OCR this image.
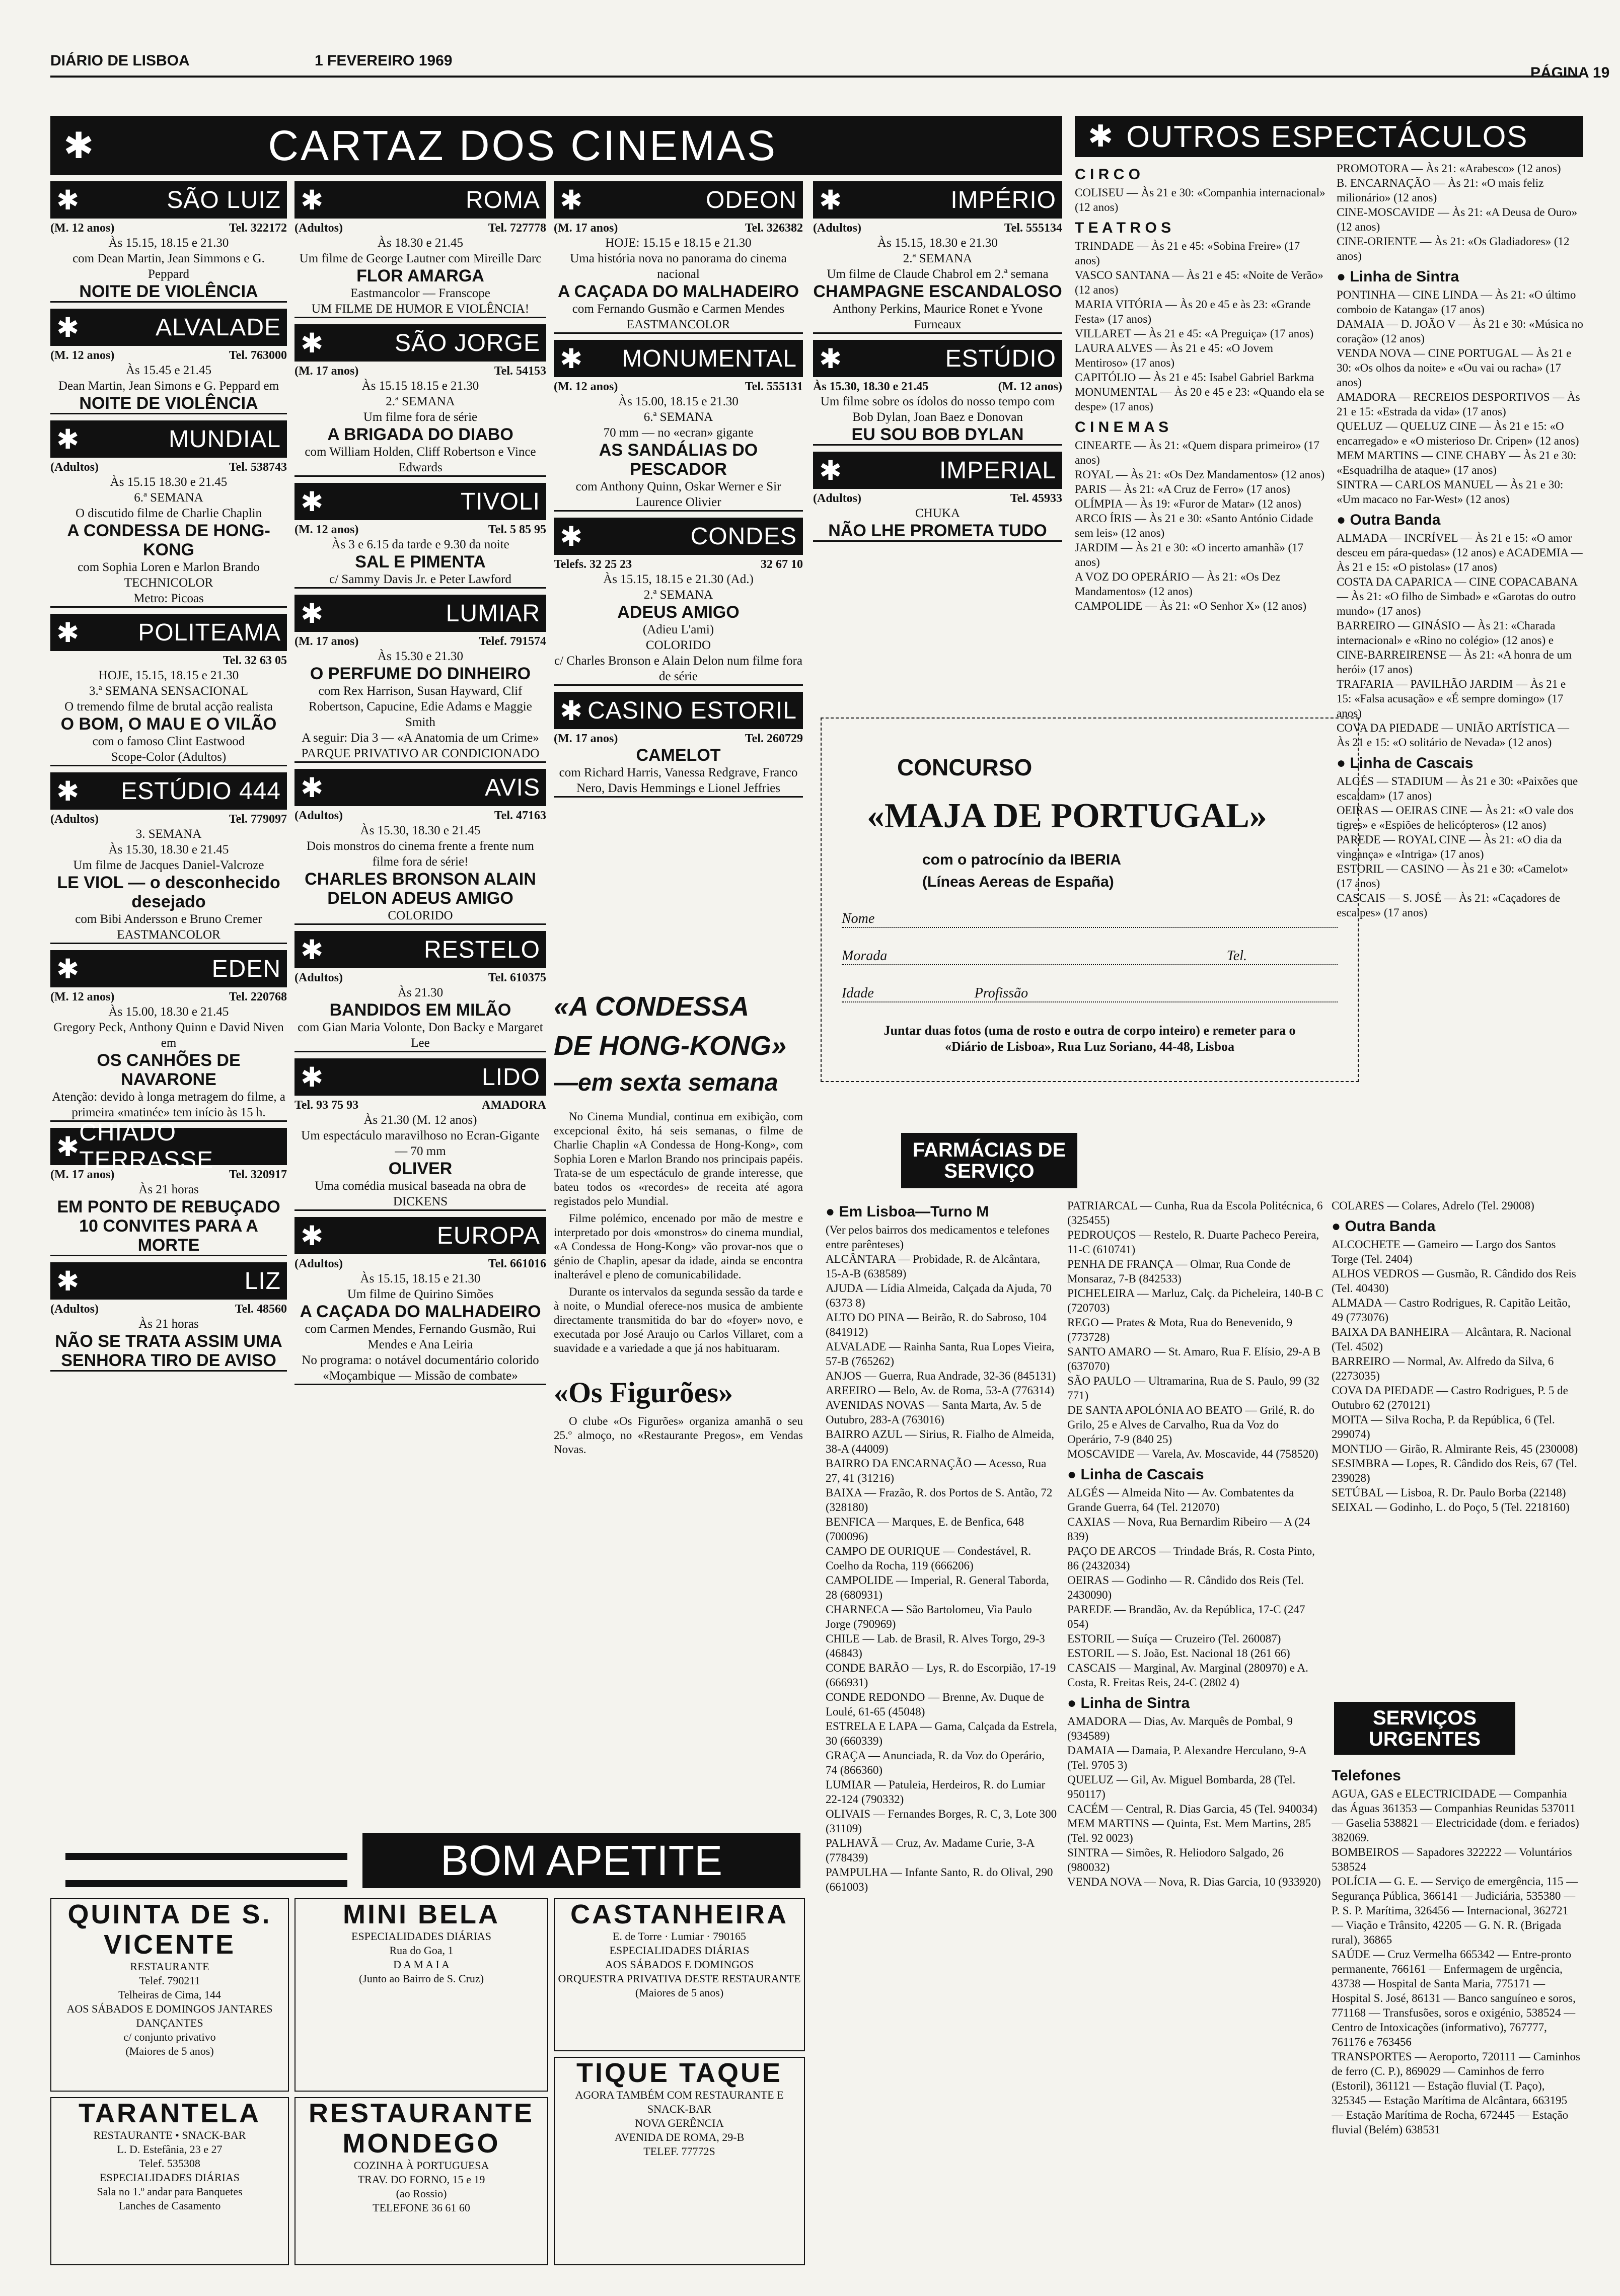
DIÁRIO DE LISBOA	1 FEVEREIRO 1969
PÁGINA 19
✱	CARTAZ DOS CINEMAS	✱ OUTROS ESPECTÁCULOS
✱	SÃO LUIZ
(M. 12 anos)	Tel. 322172
Às 15.15, 18.15 e 21.30
com Dean Martin, Jean Simmons e G. Peppard
NOITE DE VIOLÊNCIA
✱	ALVALADE
(M. 12 anos)	Tel. 763000
Às 15.45 e 21.45
Dean Martin, Jean Simons e G. Peppard em
NOITE DE VIOLÊNCIA
✱	MUNDIAL
(Adultos)	Tel. 538743
Às 15.15 18.30 e 21.45
6.ª SEMANA
O discutido filme de Charlie Chaplin
A CONDESSA DE HONG-KONG
com Sophia Loren e Marlon Brando
TECHNICOLOR
Metro: Picoas
✱ POLITEAMA
Tel. 32 63 05
HOJE, 15.15, 18.15 e 21.30
3.ª SEMANA SENSACIONAL
O tremendo filme de brutal acção realista
O BOM, O MAU E O VILÃO
com o famoso Clint Eastwood
Scope-Color (Adultos)
✱ ESTÚDIO 444
(Adultos)	Tel. 779097
3. SEMANA
Às 15.30, 18.30 e 21.45
Um filme de Jacques Daniel-Valcroze
LE VIOL — o desconhecido desejado
com Bibi Andersson e Bruno Cremer
EASTMANCOLOR
✱	EDEN
(M. 12 anos)	Tel. 220768
Às 15.00, 18.30 e 21.45
Gregory Peck, Anthony Quinn e David Niven em
OS CANHÕES DE NAVARONE
Atenção: devido à longa metragem do filme, a primeira «matinée» tem início às 15 h.
✱ CHIADO TERRASSE
(M. 17 anos)	Tel. 320917
Às 21 horas
EM PONTO DE REBUÇADO 10 CONVITES PARA A MORTE
✱	LIZ
(Adultos)	Tel. 48560
Às 21 horas
NÃO SE TRATA ASSIM UMA SENHORA TIRO DE AVISO
✱	ROMA
(Adultos)	Tel. 727778
Às 18.30 e 21.45
Um filme de George Lautner com Mireille Darc
FLOR AMARGA
Eastmancolor — Franscope
UM FILME DE HUMOR E VIOLÊNCIA!
✱	SÃO JORGE
(M. 17 anos)	Tel. 54153
Às 15.15 18.15 e 21.30
2.ª SEMANA
Um filme fora de série
A BRIGADA DO DIABO
com William Holden, Cliff Robertson e Vince Edwards
✱	TIVOLI
(M. 12 anos)	Tel. 5 85 95
Às 3 e 6.15 da tarde e 9.30 da noite
SAL E PIMENTA
c/ Sammy Davis Jr. e Peter Lawford
✱	LUMIAR
(M. 17 anos)	Telef. 791574
Às 15.30 e 21.30
O PERFUME DO DINHEIRO
com Rex Harrison, Susan Hayward, Clif Robertson, Capucine, Edie Adams e Maggie Smith
A seguir: Dia 3 — «A Anatomia de um Crime»
PARQUE PRIVATIVO AR CONDICIONADO
✱	AVIS
(Adultos)	Tel. 47163
Às 15.30, 18.30 e 21.45
Dois monstros do cinema frente a frente num filme fora de série!
CHARLES BRONSON ALAIN DELON ADEUS AMIGO
COLORIDO
✱	RESTELO
(Adultos)	Tel. 610375
Às 21.30
BANDIDOS EM MILÃO
com Gian Maria Volonte, Don Backy e Margaret Lee
✱	LIDO
Tel. 93 75 93	AMADORA
Às 21.30 (M. 12 anos)
Um espectáculo maravilhoso no Ecran-Gigante — 70 mm
OLIVER
Uma comédia musical baseada na obra de DICKENS
✱	EUROPA
(Adultos)	Tel. 661016
Às 15.15, 18.15 e 21.30
Um filme de Quirino Simões
A CAÇADA DO MALHADEIRO
com Carmen Mendes, Fernando Gusmão, Rui Mendes e Ana Leiria
No programa: o notável documentário colorido «Moçambique — Missão de combate»
✱	ODEON
(M. 17 anos)	Tel. 326382
HOJE: 15.15 e 18.15 e 21.30
Uma história nova no panorama do cinema nacional
A CAÇADA DO MALHADEIRO
com Fernando Gusmão e Carmen Mendes
EASTMANCOLOR
✱ MONUMENTAL
(M. 12 anos)	Tel. 555131
Às 15.00, 18.15 e 21.30
6.ª SEMANA
70 mm — no «ecran» gigante
AS SANDÁLIAS DO PESCADOR
com Anthony Quinn, Oskar Werner e Sir Laurence Olivier
✱	CONDES
Telefs. 32 25 23	32 67 10
Às 15.15, 18.15 e 21.30 (Ad.)
2.ª SEMANA
ADEUS AMIGO
(Adieu L'ami)
COLORIDO
c/ Charles Bronson e Alain Delon num filme fora de série
✱ CASINO ESTORIL
(M. 17 anos)	Tel. 260729
CAMELOT
com Richard Harris, Vanessa Redgrave, Franco Nero, Davis Hemmings e Lionel Jeffries
✱	IMPÉRIO
(Adultos)	Tel. 555134
Às 15.15, 18.30 e 21.30
2.ª SEMANA
Um filme de Claude Chabrol em 2.ª semana
CHAMPAGNE ESCANDALOSO
Anthony Perkins, Maurice Ronet e Yvone Furneaux
✱	ESTÚDIO
Às 15.30, 18.30 e 21.45	(M. 12 anos)
Um filme sobre os ídolos do nosso tempo com Bob Dylan, Joan Baez e Donovan
EU SOU BOB DYLAN
✱	IMPERIAL
(Adultos)	Tel. 45933
CHUKA
NÃO LHE PROMETA TUDO
«A CONDESSA
DE HONG-KONG»
—em sexta semana

No Cinema Mundial, continua em exibição, com excepcional êxito, há seis semanas, o filme de Charlie Chaplin «A Condessa de Hong-Kong», com Sophia Loren e Marlon Brando nos principais papéis. Trata-se de um espectáculo de grande interesse, que bateu todos os «recordes» de receita até agora registados pelo Mundial.

Filme polémico, encenado por mão de mestre e interpretado por dois «monstros» do cinema mundial, «A Condessa de Hong-Kong» vão provar-nos que o génio de Chaplin, apesar da idade, ainda se encontra inalterável e pleno de comunicabilidade.

Durante os intervalos da segunda sessão da tarde e à noite, o Mundial oferece-nos musica de ambiente directamente transmitida do bar do «foyer» novo, e executada por José Araujo ou Carlos Villaret, com a suavidade e a variedade a que já nos habituaram.

«Os Figurões»

O clube «Os Figurões» organiza amanhã o seu 25.º almoço, no «Restaurante Pregos», em Vendas Novas.

CONCURSO
«MAJA DE PORTUGAL»
com o patrocínio da IBERIA
(Líneas Aereas de España)
Nome
Morada	Tel.
Idade	Profissão
Juntar duas fotos (uma de rosto e outra de corpo inteiro) e remeter para o «Diário de Lisboa», Rua Luz Soriano, 44-48, Lisboa
C I R C O

COLISEU — Às 21 e 30: «Companhia internacional» (12 anos)

T E A T R O S

TRINDADE — Às 21 e 45: «Sobina Freire» (17 anos)

VASCO SANTANA — Às 21 e 45: «Noite de Verão» (12 anos)

MARIA VITÓRIA — Às 20 e 45 e às 23: «Grande Festa» (17 anos)

VILLARET — Às 21 e 45: «A Preguiça» (17 anos)

LAURA ALVES — Às 21 e 45: «O Jovem Mentiroso» (17 anos)

CAPITÓLIO — Às 21 e 45: Isabel Gabriel Barkma

MONUMENTAL — Às 20 e 45 e 23: «Quando ela se despe» (17 anos)

C I N E M A S

CINEARTE — Às 21: «Quem dispara primeiro» (17 anos)

ROYAL — Às 21: «Os Dez Mandamentos» (12 anos)

PARIS — Às 21: «A Cruz de Ferro» (17 anos)

OLÍMPIA — Às 19: «Furor de Matar» (12 anos)

ARCO ÍRIS — Às 21 e 30: «Santo António Cidade sem leis» (12 anos)

JARDIM — Às 21 e 30: «O incerto amanhã» (17 anos)

A VOZ DO OPERÁRIO — Às 21: «Os Dez Mandamentos» (12 anos)

CAMPOLIDE — Às 21: «O Senhor X» (12 anos)

PROMOTORA — Às 21: «Arabesco» (12 anos)

B. ENCARNAÇÃO — Às 21: «O mais feliz milionário» (12 anos)

CINE-MOSCAVIDE — Às 21: «A Deusa de Ouro» (12 anos)

CINE-ORIENTE — Às 21: «Os Gladiadores» (12 anos)

● Linha de Sintra

PONTINHA — CINE LINDA — Às 21: «O último comboio de Katanga» (17 anos)

DAMAIA — D. JOÃO V — Às 21 e 30: «Música no coração» (12 anos)

VENDA NOVA — CINE PORTUGAL — Às 21 e 30: «Os olhos da noite» e «Ou vai ou racha» (17 anos)

AMADORA — RECREIOS DESPORTIVOS — Às 21 e 15: «Estrada da vida» (17 anos)

QUELUZ — QUELUZ CINE — Às 21 e 15: «O encarregado» e «O misterioso Dr. Cripen» (12 anos)

MEM MARTINS — CINE CHABY — Às 21 e 30: «Esquadrilha de ataque» (17 anos)

SINTRA — CARLOS MANUEL — Às 21 e 30: «Um macaco no Far-West» (12 anos)

● Outra Banda

ALMADA — INCRÍVEL — Às 21 e 15: «O amor desceu em pára-quedas» (12 anos) e ACADEMIA — Às 21 e 15: «O pistolas» (17 anos)

COSTA DA CAPARICA — CINE COPACABANA — Às 21: «O filho de Simbad» e «Garotas do outro mundo» (17 anos)

BARREIRO — GINÁSIO — Às 21: «Charada internacional» e «Rino no colégio» (12 anos) e CINE-BARREIRENSE — Às 21: «A honra de um herói» (17 anos)

TRAFARIA — PAVILHÃO JARDIM — Às 21 e 15: «Falsa acusação» e «É sempre domingo» (17 anos)

COVA DA PIEDADE — UNIÃO ARTÍSTICA — Às 21 e 15: «O solitário de Nevada» (12 anos)

● Linha de Cascais

ALGÉS — STADIUM — Às 21 e 30: «Paixões que escaldam» (17 anos)

OEIRAS — OEIRAS CINE — Às 21: «O vale dos tigres» e «Espiões de helicópteros» (12 anos)

PAREDE — ROYAL CINE — Às 21: «O dia da vingança» e «Intriga» (17 anos)

ESTORIL — CASINO — Às 21 e 30: «Camelot» (17 anos)

CASCAIS — S. JOSÉ — Às 21: «Caçadores de escalpes» (17 anos)

FARMÁCIAS DE SERVIÇO
● Em Lisboa—Turno M

(Ver pelos bairros dos medicamentos e telefones entre parênteses)

ALCÂNTARA — Probidade, R. de Alcântara, 15-A-B (638589)

AJUDA — Lídia Almeida, Calçada da Ajuda, 70 (6373 8)

ALTO DO PINA — Beirão, R. do Sabroso, 104 (841912)

ALVALADE — Rainha Santa, Rua Lopes Vieira, 57-B (765262)

ANJOS — Guerra, Rua Andrade, 32-36 (845131)

AREEIRO — Belo, Av. de Roma, 53-A (776314)

AVENIDAS NOVAS — Santa Marta, Av. 5 de Outubro, 283-A (763016)

BAIRRO AZUL — Sirius, R. Fialho de Almeida, 38-A (44009)

BAIRRO DA ENCARNAÇÃO — Acesso, Rua 27, 41 (31216)

BAIXA — Frazão, R. dos Portos de S. Antão, 72 (328180)

BENFICA — Marques, E. de Benfica, 648 (700096)

CAMPO DE OURIQUE — Condestável, R. Coelho da Rocha, 119 (666206)

CAMPOLIDE — Imperial, R. General Taborda, 28 (680931)

CHARNECA — São Bartolomeu, Via Paulo Jorge (790969)

CHILE — Lab. de Brasil, R. Alves Torgo, 29-3 (46843)

CONDE BARÃO — Lys, R. do Escorpião, 17-19 (666931)

CONDE REDONDO — Brenne, Av. Duque de Loulé, 61-65 (45048)

ESTRELA E LAPA — Gama, Calçada da Estrela, 30 (660339)

GRAÇA — Anunciada, R. da Voz do Operário, 74 (866360)

LUMIAR — Patuleia, Herdeiros, R. do Lumiar 22-124 (790332)

OLIVAIS — Fernandes Borges, R. C, 3, Lote 300 (31109)

PALHAVÃ — Cruz, Av. Madame Curie, 3-A (778439)

PAMPULHA — Infante Santo, R. do Olival, 290 (661003)

PATRIARCAL — Cunha, Rua da Escola Politécnica, 6 (325455)

PEDROUÇOS — Restelo, R. Duarte Pacheco Pereira, 11-C (610741)

PENHA DE FRANÇA — Olmar, Rua Conde de Monsaraz, 7-B (842533)

PICHELEIRA — Marluz, Calç. da Picheleira, 140-B C (720703)

REGO — Prates & Mota, Rua do Benevenido, 9 (773728)

SANTO AMARO — St. Amaro, Rua F. Elísio, 29-A B (637070)

SÃO PAULO — Ultramarina, Rua de S. Paulo, 99 (32 771)

DE SANTA APOLÓNIA AO BEATO — Grilé, R. do Grilo, 25 e Alves de Carvalho, Rua da Voz do Operário, 7-9 (840 25)

MOSCAVIDE — Varela, Av. Moscavide, 44 (758520)

● Linha de Cascais

ALGÉS — Almeida Nito — Av. Combatentes da Grande Guerra, 64 (Tel. 212070)

CAXIAS — Nova, Rua Bernardim Ribeiro — A (24 839)

PAÇO DE ARCOS — Trindade Brás, R. Costa Pinto, 86 (2432034)

OEIRAS — Godinho — R. Cândido dos Reis (Tel. 2430090)

PAREDE — Brandão, Av. da República, 17-C (247 054)

ESTORIL — Suíça — Cruzeiro (Tel. 260087)

ESTORIL — S. João, Est. Nacional 18 (261 66)

CASCAIS — Marginal, Av. Marginal (280970) e A. Costa, R. Freitas Reis, 24-C (2802 4)

● Linha de Sintra

AMADORA — Dias, Av. Marquês de Pombal, 9 (934589)

DAMAIA — Damaia, P. Alexandre Herculano, 9-A (Tel. 9705 3)

QUELUZ — Gil, Av. Miguel Bombarda, 28 (Tel. 950117)

CACÉM — Central, R. Dias Garcia, 45 (Tel. 940034)

MEM MARTINS — Quinta, Est. Mem Martins, 285 (Tel. 92 0023)

SINTRA — Simões, R. Heliodoro Salgado, 26 (980032)

VENDA NOVA — Nova, R. Dias Garcia, 10 (933920)

COLARES — Colares, Adrelo (Tel. 29008)

● Outra Banda

ALCOCHETE — Gameiro — Largo dos Santos Torge (Tel. 2404)

ALHOS VEDROS — Gusmão, R. Cândido dos Reis (Tel. 40430)

ALMADA — Castro Rodrigues, R. Capitão Leitão, 49 (773076)

BAIXA DA BANHEIRA — Alcântara, R. Nacional (Tel. 4502)

BARREIRO — Normal, Av. Alfredo da Silva, 6 (2273035)

COVA DA PIEDADE — Castro Rodrigues, P. 5 de Outubro 62 (270121)

MOITA — Silva Rocha, P. da República, 6 (Tel. 299074)

MONTIJO — Girão, R. Almirante Reis, 45 (230008)

SESIMBRA — Lopes, R. Cândido dos Reis, 67 (Tel. 239028)

SETÚBAL — Lisboa, R. Dr. Paulo Borba (22148)

SEIXAL — Godinho, L. do Poço, 5 (Tel. 2218160)

SERVIÇOS URGENTES
Telefones

AGUA, GAS e ELECTRICIDADE — Companhia das Águas 361353 — Companhias Reunidas 537011 — Gaselia 538821 — Electricidade (dom. e feriados) 382069.

BOMBEIROS — Sapadores 322222 — Voluntários 538524

POLÍCIA — G. E. — Serviço de emergência, 115 — Segurança Pública, 366141 — Judiciária, 535380 — P. S. P. Marítima, 326456 — Internacional, 362721 — Viação e Trânsito, 42205 — G. N. R. (Brigada rural), 36865

SAÚDE — Cruz Vermelha 665342 — Entre-pronto permanente, 766161 — Enfermagem de urgência, 43738 — Hospital de Santa Maria, 775171 — Hospital S. José, 86131 — Banco sanguíneo e soros, 771168 — Transfusões, soros e oxigénio, 538524 — Centro de Intoxicações (informativo), 767777, 761176 e 763456

TRANSPORTES — Aeroporto, 720111 — Caminhos de ferro (C. P.), 869029 — Caminhos de ferro (Estoril), 361121 — Estação fluvial (T. Paço), 325345 — Estação Marítima de Alcântara, 663195 — Estação Marítima de Rocha, 672445 — Estação fluvial (Belém) 638531

BOM APETITE
QUINTA DE S. VICENTE
RESTAURANTE
Telef. 790211
Telheiras de Cima, 144
AOS SÁBADOS E DOMINGOS JANTARES DANÇANTES
c/ conjunto privativo
(Maiores de 5 anos)
TARANTELA
RESTAURANTE • SNACK-BAR
L. D. Estefânia, 23 e 27
Telef. 535308
ESPECIALIDADES DIÁRIAS
Sala no 1.º andar para Banquetes
Lanches de Casamento
MINI BELA
ESPECIALIDADES DIÁRIAS
Rua do Goa, 1
D A M A I A
(Junto ao Bairro de S. Cruz)
RESTAURANTE MONDEGO
COZINHA À PORTUGUESA
TRAV. DO FORNO, 15 e 19
(ao Rossio)
TELEFONE 36 61 60
CASTANHEIRA
E. de Torre · Lumiar · 790165
ESPECIALIDADES DIÁRIAS
AOS SÁBADOS E DOMINGOS
ORQUESTRA PRIVATIVA DESTE RESTAURANTE
(Maiores de 5 anos)
TIQUE TAQUE
AGORA TAMBÉM COM RESTAURANTE E SNACK-BAR
NOVA GERÊNCIA
AVENIDA DE ROMA, 29-B
TELEF. 77772S
